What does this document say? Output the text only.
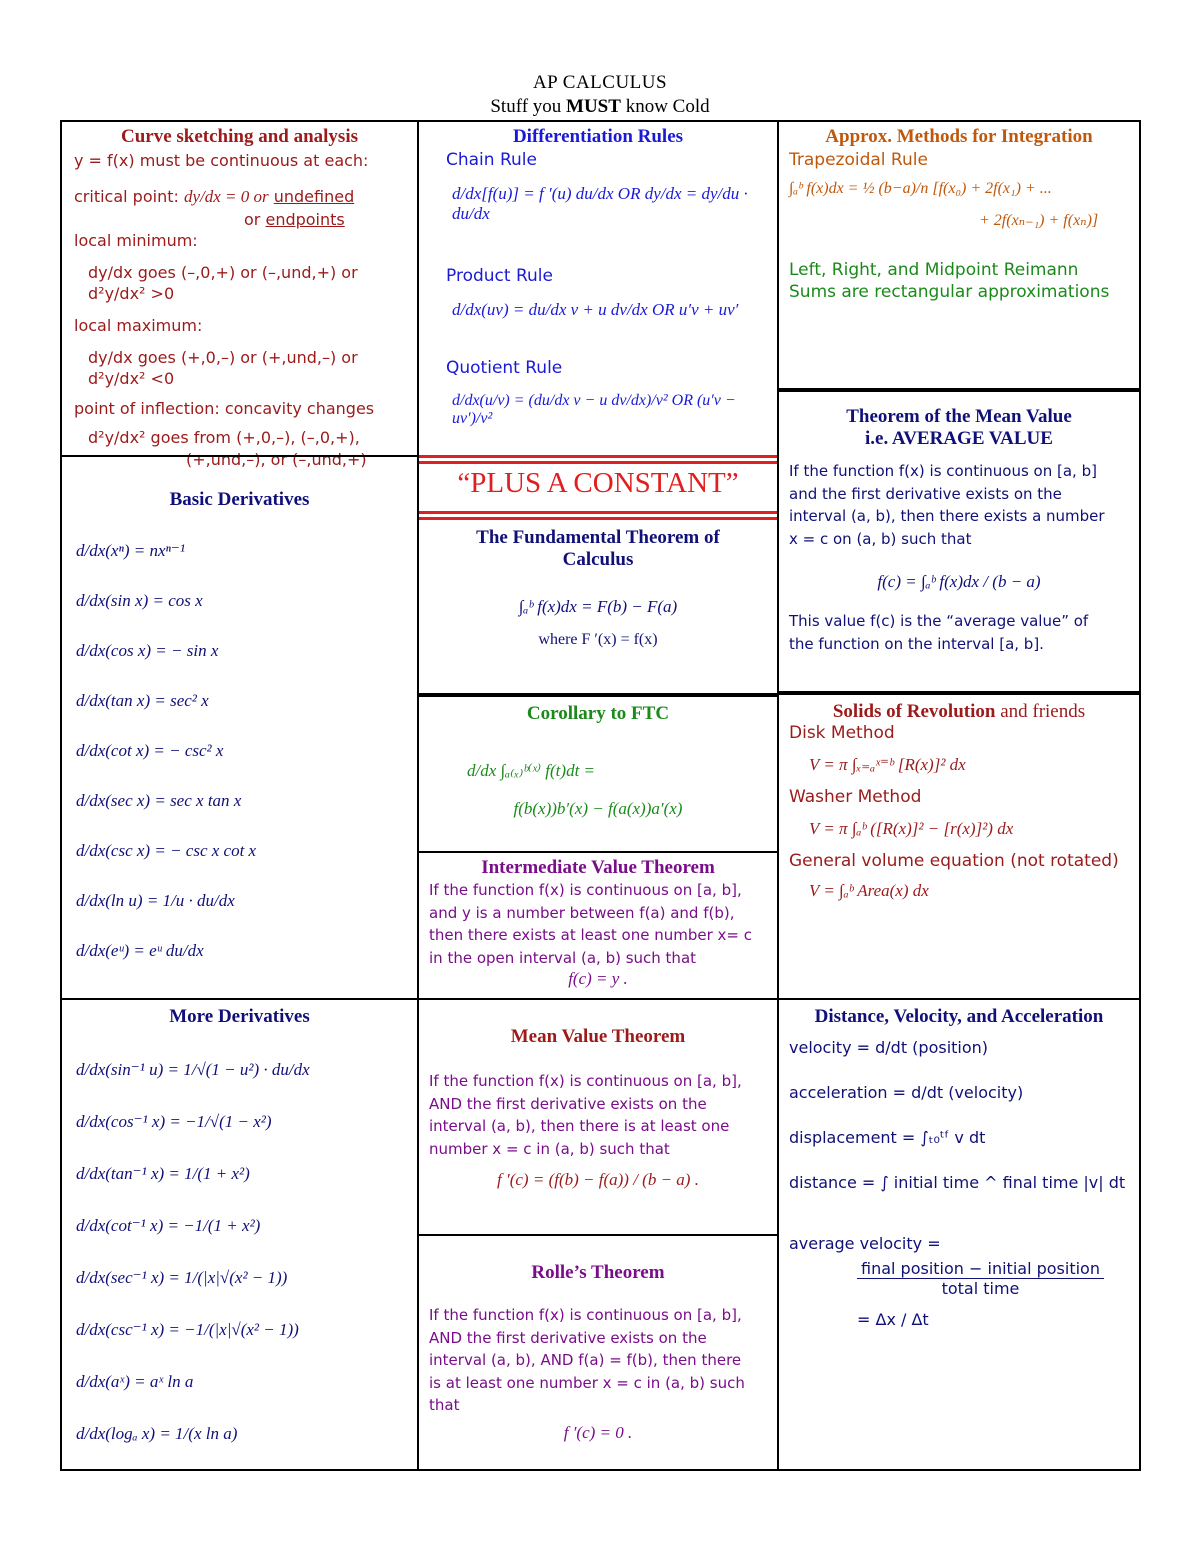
AP CALCULUS
Stuff you MUST know Cold
Curve sketching and analysis
y = f(x) must be continuous at each:
critical point: dy/dx = 0 or undefined
or endpoints
local minimum:
dy/dx goes (–,0,+) or (–,und,+) or d²y/dx² >0
local maximum:
dy/dx goes (+,0,–) or (+,und,–) or d²y/dx² <0
point of inflection: concavity changes
d²y/dx² goes from (+,0,–), (–,0,+),
(+,und,–), or (–,und,+)
Basic Derivatives
d/dx(xⁿ) = nxⁿ⁻¹
d/dx(sin x) = cos x
d/dx(cos x) = − sin x
d/dx(tan x) = sec² x
d/dx(cot x) = − csc² x
d/dx(sec x) = sec x tan x
d/dx(csc x) = − csc x cot x
d/dx(ln u) = 1/u · du/dx
d/dx(eᵘ) = eᵘ du/dx
More Derivatives
d/dx(sin⁻¹ u) = 1/√(1 − u²) · du/dx
d/dx(cos⁻¹ x) = −1/√(1 − x²)
d/dx(tan⁻¹ x) = 1/(1 + x²)
d/dx(cot⁻¹ x) = −1/(1 + x²)
d/dx(sec⁻¹ x) = 1/(|x|√(x² − 1))
d/dx(csc⁻¹ x) = −1/(|x|√(x² − 1))
d/dx(aˣ) = aˣ ln a
d/dx(logₐ x) = 1/(x ln a)
Differentiation Rules
Chain Rule
d/dx[f(u)] = f ′(u) du/dx OR dy/dx = dy/du · du/dx
Product Rule
d/dx(uv) = du/dx v + u dv/dx OR u′v + uv′
Quotient Rule
d/dx(u/v) = (du/dx v − u dv/dx)/v² OR (u′v − uv′)/v²
“PLUS A CONSTANT”
The Fundamental Theorem of
Calculus
∫ₐᵇ f(x)dx = F(b) − F(a)
where F ′(x) = f(x)
Corollary to FTC
d/dx ∫ₐ₍ₓ₎ᵇ⁽ˣ⁾ f(t)dt =
f(b(x))b′(x) − f(a(x))a′(x)
Intermediate Value Theorem
If the function f(x) is continuous on [a, b],
and y is a number between f(a) and f(b),
then there exists at least one number x= c
in the open interval (a, b) such that
f(c) = y .
Mean Value Theorem
If the function f(x) is continuous on [a, b],
AND the first derivative exists on the
interval (a, b), then there is at least one
number x = c in (a, b) such that
f ′(c) = (f(b) − f(a)) / (b − a) .
Rolle’s Theorem
If the function f(x) is continuous on [a, b],
AND the first derivative exists on the
interval (a, b), AND f(a) = f(b), then there
is at least one number x = c in (a, b) such
that
f ′(c) = 0 .
Approx. Methods for Integration
Trapezoidal Rule
∫ₐᵇ f(x)dx = ½ (b−a)/n [f(x₀) + 2f(x₁) + ...
+ 2f(xₙ₋₁) + f(xₙ)]
Left, Right, and Midpoint Reimann
Sums are rectangular approximations
Theorem of the Mean Value
i.e. AVERAGE VALUE
If the function f(x) is continuous on [a, b]
and the first derivative exists on the
interval (a, b), then there exists a number
x = c on (a, b) such that
f(c) = ∫ₐᵇ f(x)dx / (b − a)
This value f(c) is the “average value” of
the function on the interval [a, b].
Solids of Revolution and friends
Disk Method
V = π ∫ₓ₌ₐˣ⁼ᵇ [R(x)]² dx
Washer Method
V = π ∫ₐᵇ ([R(x)]² − [r(x)]²) dx
General volume equation (not rotated)
V = ∫ₐᵇ Area(x) dx
Distance, Velocity, and Acceleration
velocity = d/dt (position)
acceleration = d/dt (velocity)
displacement = ∫ₜ₀ᵗᶠ v dt
distance = ∫ initial time ^ final time |v| dt
average velocity =
final position − initial position
total time
= Δx / Δt
